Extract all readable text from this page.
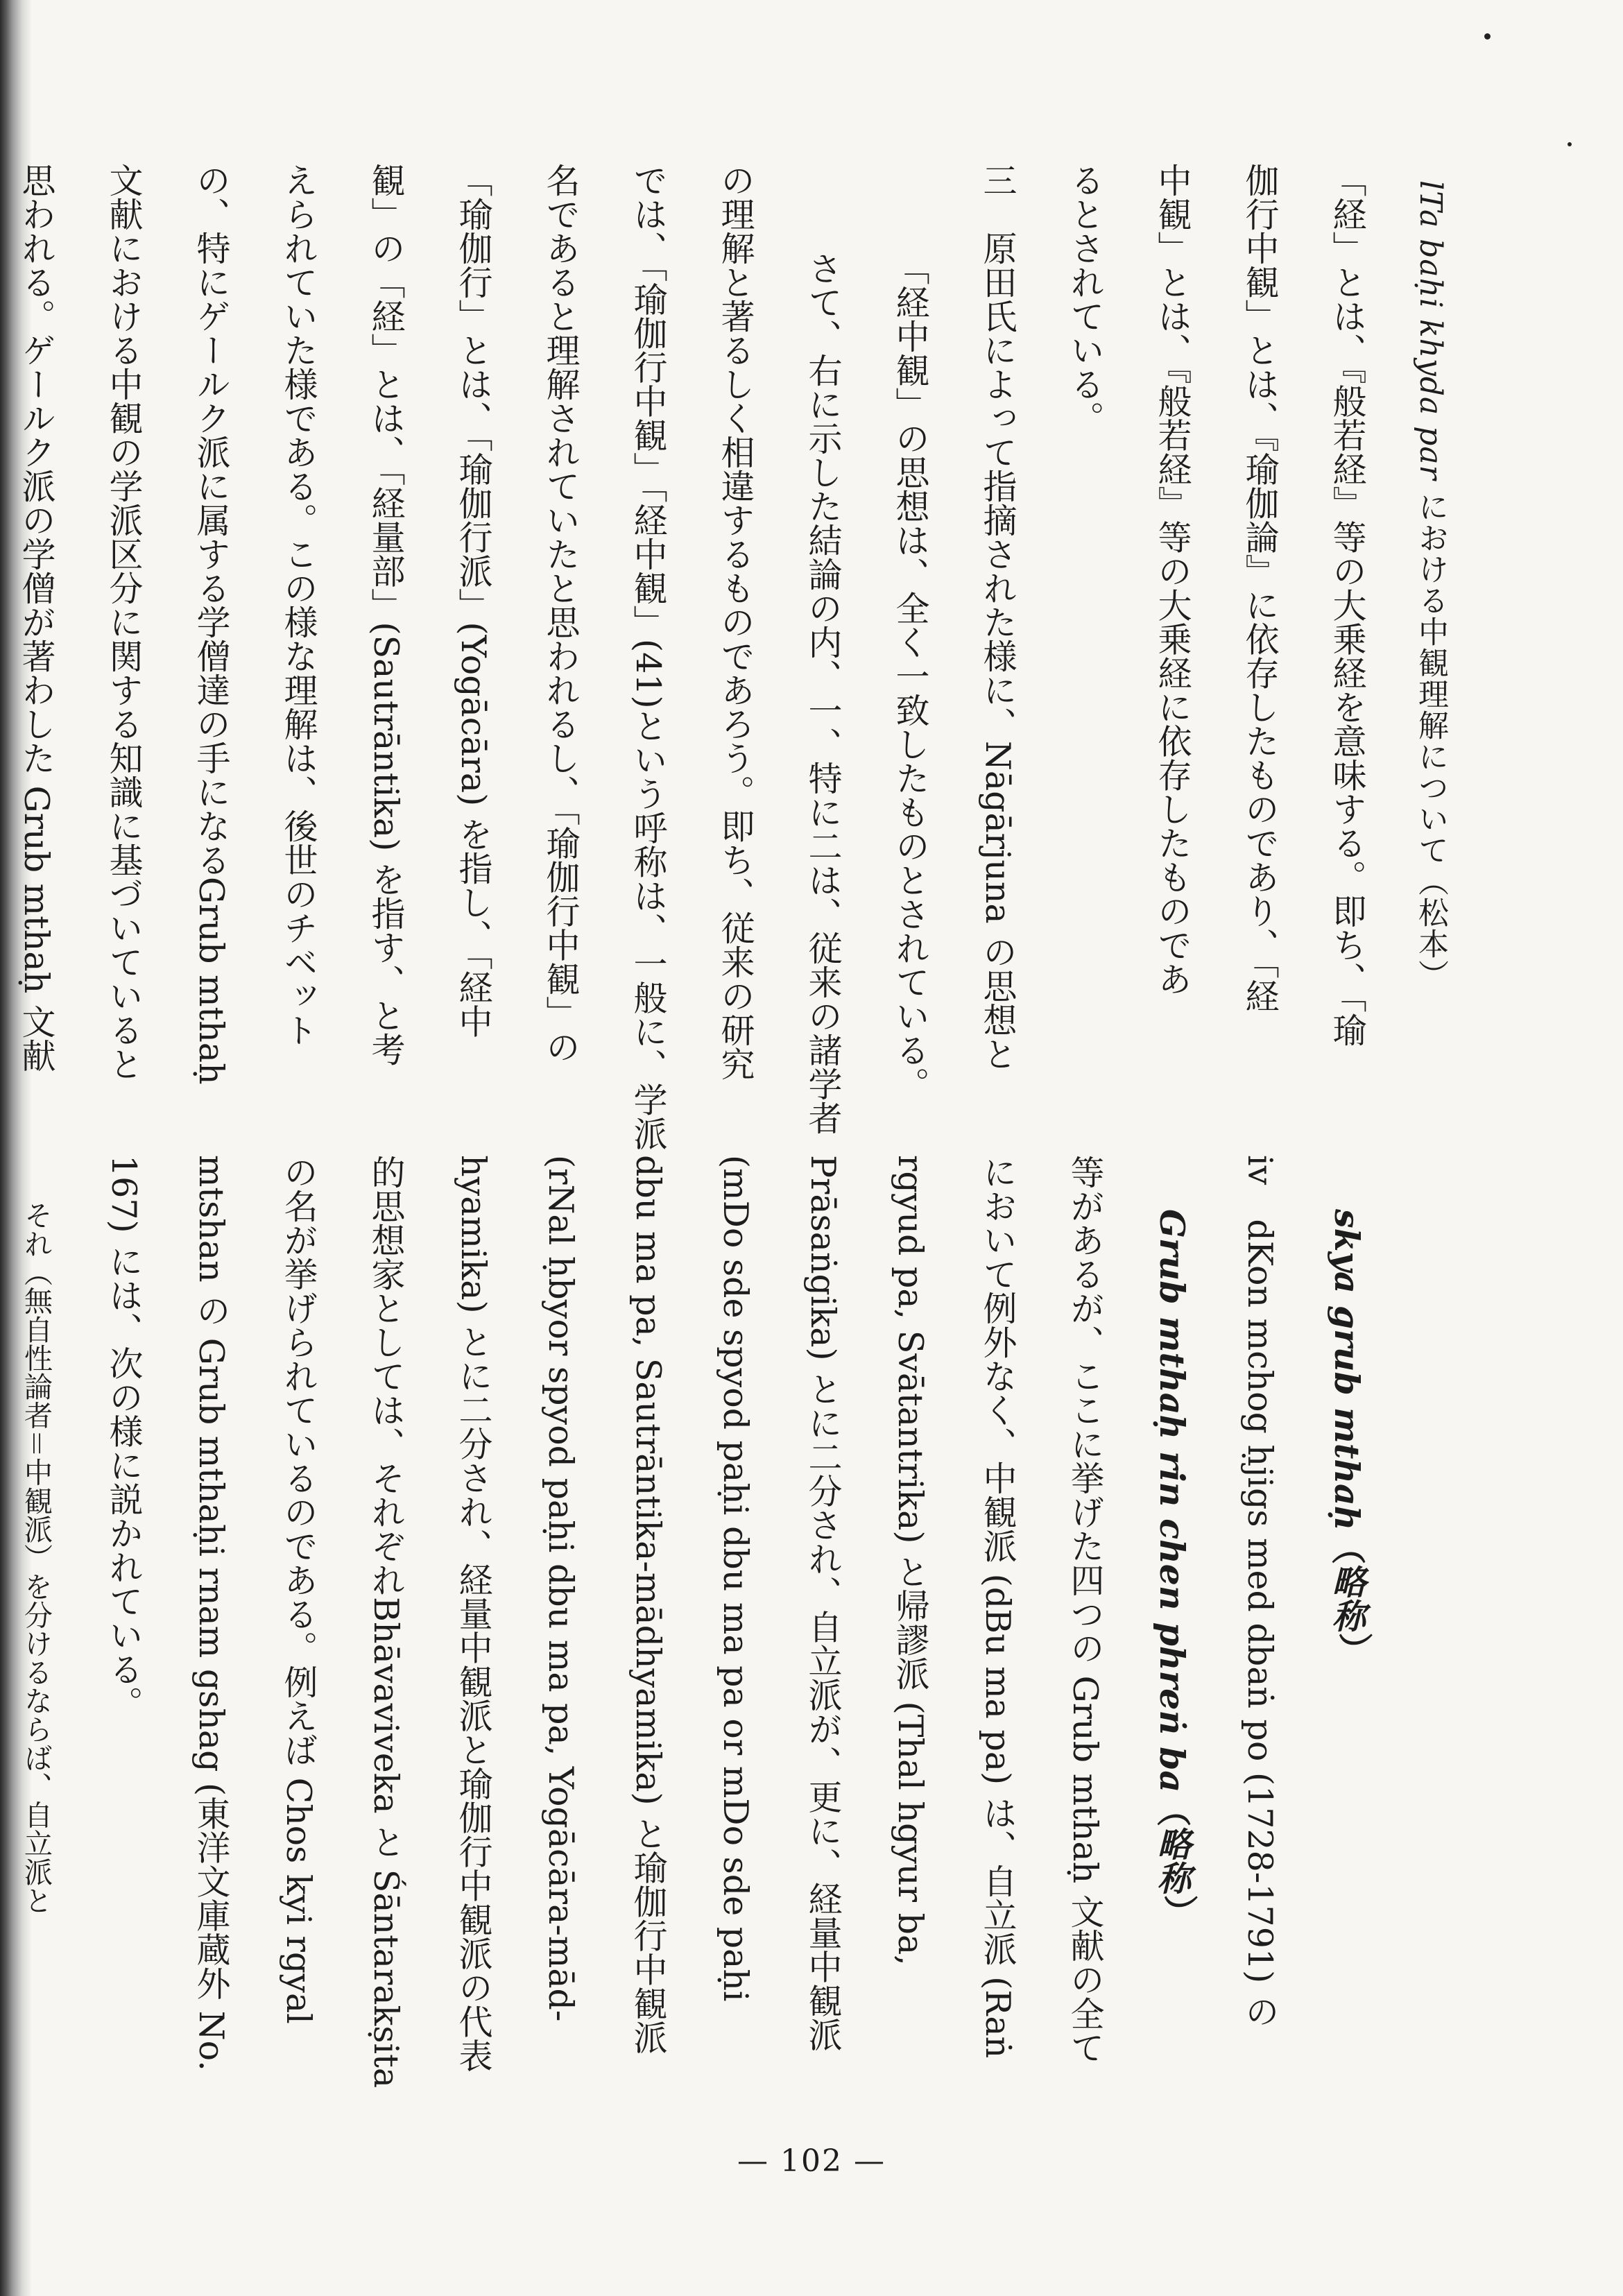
lTa baḥi khyda par における中観理解について（松本）
「経」とは、『般若経』等の大乗経を意味する。即ち、「瑜
伽行中観」とは、『瑜伽論』に依存したものであり、「経
中観」とは、『般若経』等の大乗経に依存したものであ
るとされている。
三　原田氏によって指摘された様に、Nāgārjuna の思想と
「経中観」の思想は、全く一致したものとされている。
さて、右に示した結論の内、一、特に二は、従来の諸学者
の理解と著るしく相違するものであろう。即ち、従来の研究
では、「瑜伽行中観」「経中観」(41)という呼称は、一般に、学派
名であると理解されていたと思われるし、「瑜伽行中観」の
「瑜伽行」とは、「瑜伽行派」(Yogācāra) を指し、「経中
観」の「経」とは、「経量部」(Sautrāntika) を指す、と考
えられていた様である。この様な理解は、後世のチベット
の、特にゲールク派に属する学僧達の手になるGrub mthaḥ
文献における中観の学派区分に関する知識に基づいていると
思われる。ゲールク派の学僧が著わした Grub mthaḥ 文献
skya grub mthaḥ（略称）
iv　dKon mchog ḥjigs med dbaṅ po (1728-1791) の
Grub mthaḥ rin chen phreṅ ba（略称）
等があるが、ここに挙げた四つの Grub mthaḥ 文献の全て
において例外なく、中観派 (dBu ma pa) は、自立派 (Raṅ
rgyud pa, Svātantrika) と帰謬派 (Thal hgyur ba,
Prāsaṅgika) とに二分され、自立派が、更に、経量中観派
(mDo sde spyod paḥi dbu ma pa or mDo sde paḥi
dbu ma pa, Sautrāntika-mādhyamika) と瑜伽行中観派
(rNal ḥbyor spyod paḥi dbu ma pa, Yogācāra-mād-
hyamika) とに二分され、経量中観派と瑜伽行中観派の代表
的思想家としては、それぞれBhāvaviveka と Śāntarakṣita
の名が挙げられているのである。例えば Chos kyi rgyal
mtshan の Grub mthaḥi rnam gshag (東洋文庫蔵外 No.
167) には、次の様に説かれている。
それ（無自性論者＝中観派）を分けるならば、自立派と
— 102 —
